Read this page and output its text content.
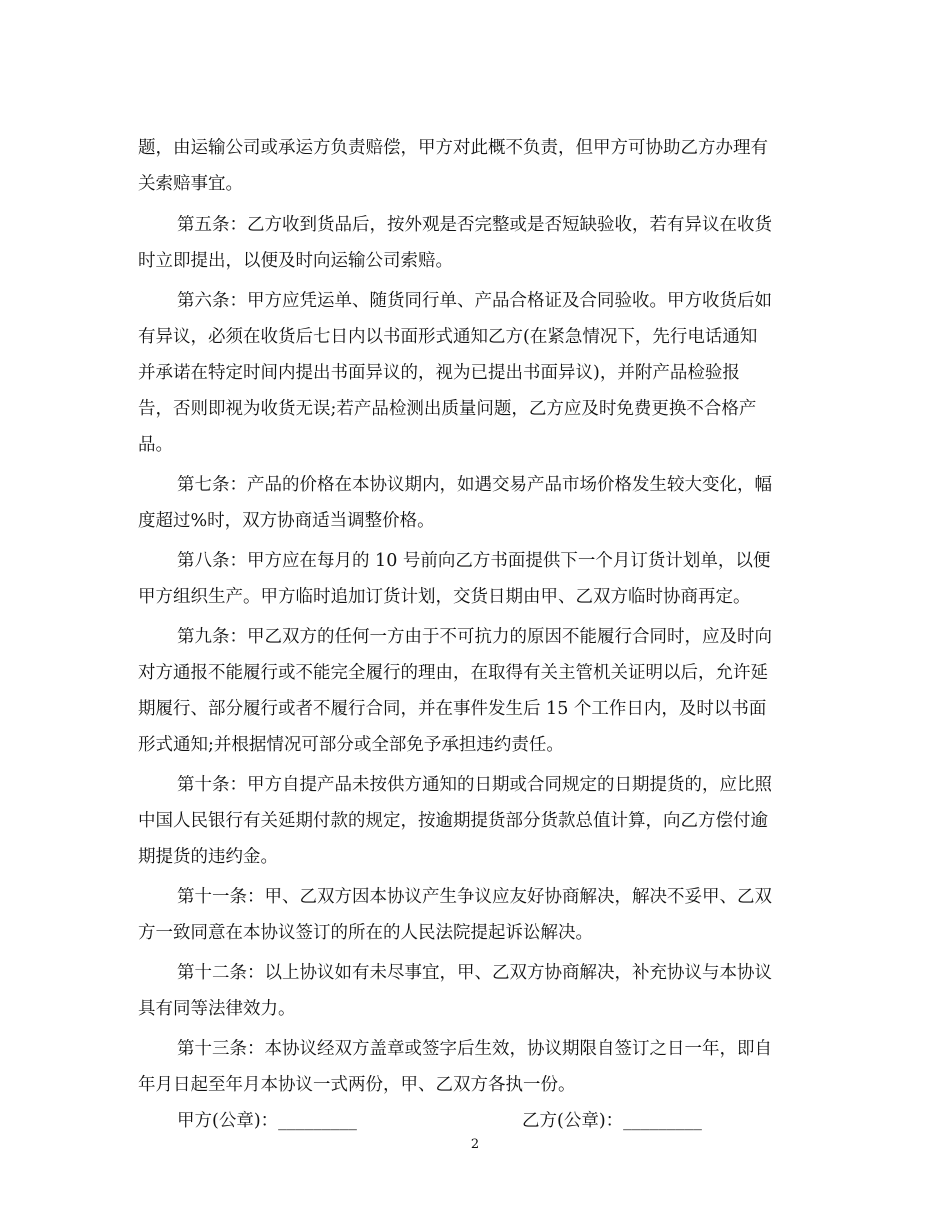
题，由运输公司或承运方负责赔偿，甲方对此概不负责，但甲方可协助乙方办理有

关索赔事宜。

第五条：乙方收到货品后，按外观是否完整或是否短缺验收，若有异议在收货

时立即提出，以便及时向运输公司索赔。

第六条：甲方应凭运单、随货同行单、产品合格证及合同验收。甲方收货后如

有异议，必须在收货后七日内以书面形式通知乙方(在紧急情况下，先行电话通知

并承诺在特定时间内提出书面异议的，视为已提出书面异议)，并附产品检验报

告，否则即视为收货无误;若产品检测出质量问题，乙方应及时免费更换不合格产

品。

第七条：产品的价格在本协议期内，如遇交易产品市场价格发生较大变化，幅

度超过%时，双方协商适当调整价格。

第八条：甲方应在每月的 10 号前向乙方书面提供下一个月订货计划单，以便

甲方组织生产。甲方临时追加订货计划，交货日期由甲、乙双方临时协商再定。

第九条：甲乙双方的任何一方由于不可抗力的原因不能履行合同时，应及时向

对方通报不能履行或不能完全履行的理由，在取得有关主管机关证明以后，允许延

期履行、部分履行或者不履行合同，并在事件发生后 15 个工作日内，及时以书面

形式通知;并根据情况可部分或全部免予承担违约责任。

第十条：甲方自提产品未按供方通知的日期或合同规定的日期提货的，应比照

中国人民银行有关延期付款的规定，按逾期提货部分货款总值计算，向乙方偿付逾

期提货的违约金。

第十一条：甲、乙双方因本协议产生争议应友好协商解决，解决不妥甲、乙双

方一致同意在本协议签订的所在的人民法院提起诉讼解决。

第十二条：以上协议如有未尽事宜，甲、乙双方协商解决，补充协议与本协议

具有同等法律效力。

第十三条：本协议经双方盖章或签字后生效，协议期限自签订之日一年，即自

年月日起至年月本协议一式两份，甲、乙双方各执一份。

甲方(公章)：_________	乙方(公章)：_________

2
